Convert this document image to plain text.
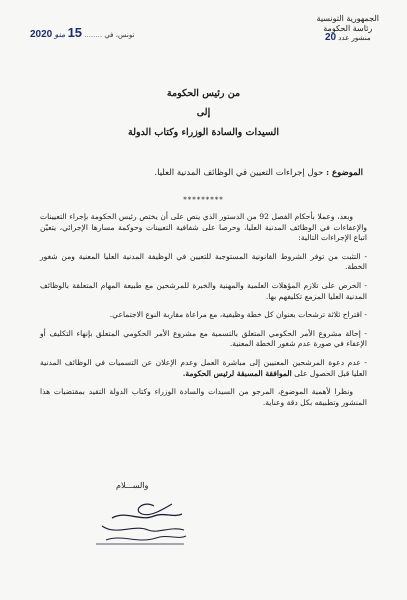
تونس، في ........ 15 منو 2020
الجمهورية التونسية
رئاسة الحكومة
منشور عدد 20
من رئيس الحكومة
إلى
السيدات والسادة الوزراء وكتاب الدولة
الموضوع : حول إجراءات التعيين في الوظائف المدنية العليا.
*********

وبعد، وعملا بأحكام الفصل 92 من الدستور الذي ينص على أن يختص رئيس الحكومة بإجراء التعيينات والإعفاءات في الوظائف المدنية العليا، وحرصا على شفافية التعيينات وحوكمة مسارها الإجرائي، يتعيّن اتباع الإجراءات التالية:

- التثبت من توفر الشروط القانونية المستوجبة للتعيين في الوظيفة المدنية العليا المعنية ومن شغور الخطة.

- الحرص على تلازم المؤهلات العلمية والمهنية والخبرة للمرشحين مع طبيعة المهام المتعلقة بالوظائف المدنية العليا المزمع تكليفهم بها.

- اقتراح ثلاثة ترشحات بعنوان كل خطة وظيفية، مع مراعاة مقاربة النوع الاجتماعي.

- إحالة مشروع الأمر الحكومي المتعلق بالتسمية مع مشروع الأمر الحكومي المتعلق بإنهاء التكليف أو الإعفاء في صورة عدم شغور الخطة المعنية.

- عدم دعوة المرشحين المعنيين إلى مباشرة العمل وعدم الإعلان عن التسميات في الوظائف المدنية العليا قبل الحصول على الموافقة المسبقة لرئيس الحكومة.

ونظرا لأهمية الموضوع، المرجو من السيدات والسادة الوزراء وكتاب الدولة التقيد بمقتضيات هذا المنشور وتطبيقه بكل دقة وعناية.

والســـلام
